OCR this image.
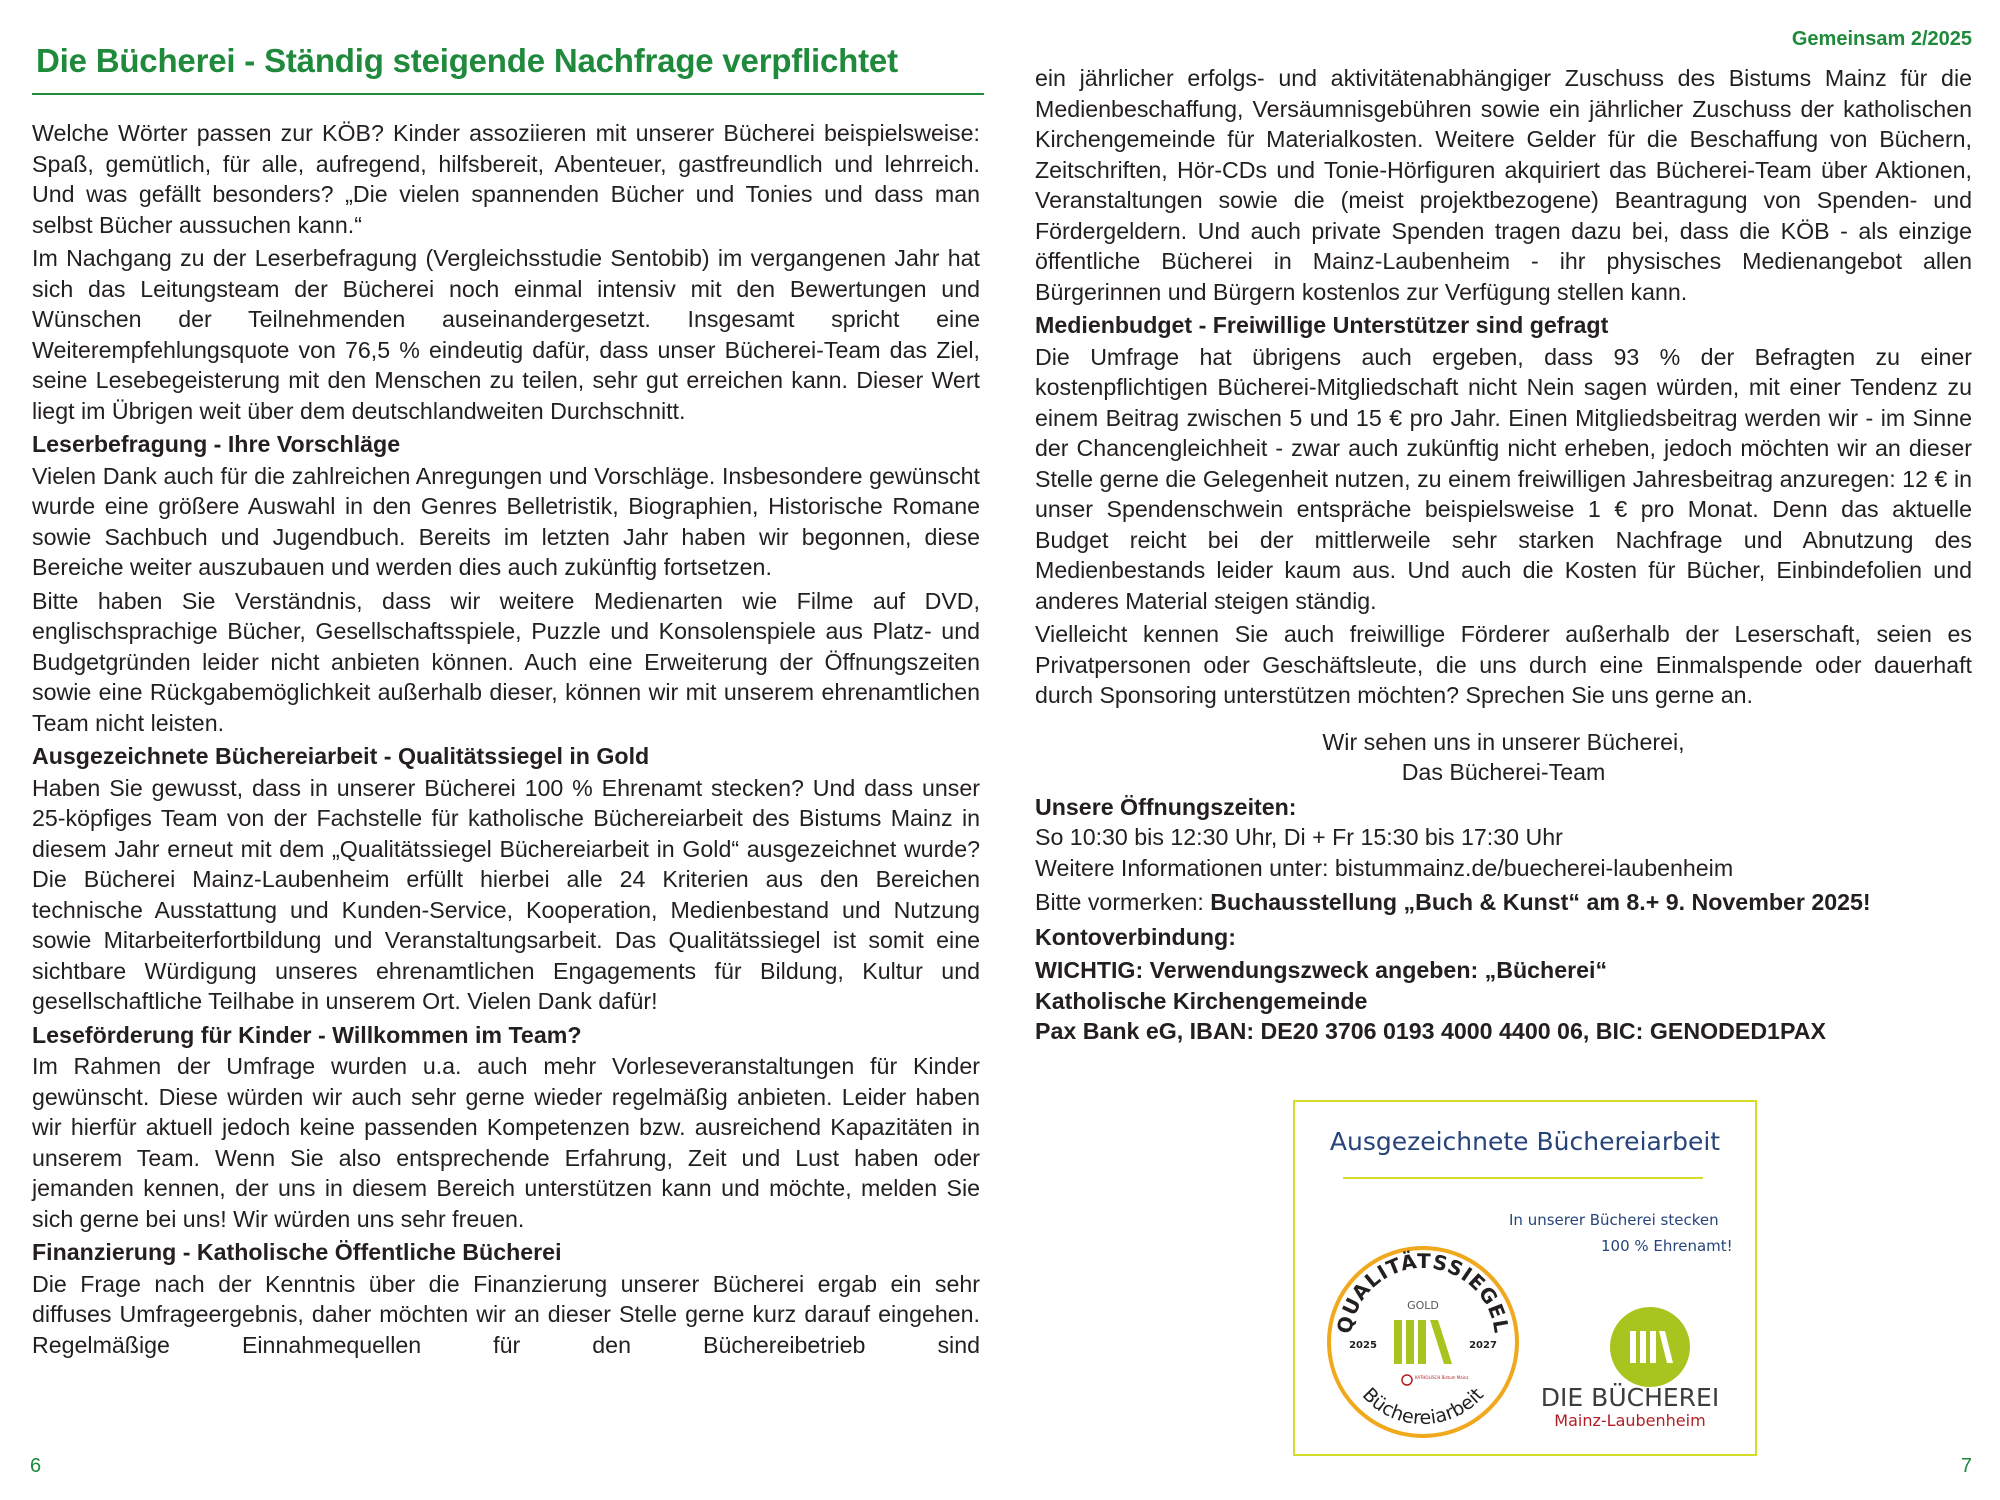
Gemeinsam 2/2025
Die Bücherei - Ständig steigende Nachfrage verpflichtet

Welche Wörter passen zur KÖB? Kinder assoziieren mit unserer Bücherei beispielsweise: Spaß, gemütlich, für alle, aufregend, hilfsbereit, Abenteuer, gastfreundlich und lehrreich. Und was gefällt besonders? „Die vielen spannenden Bücher und Tonies und dass man selbst Bücher aussuchen kann.“

Im Nachgang zu der Leserbefragung (Vergleichsstudie Sentobib) im vergangenen Jahr hat sich das Leitungsteam der Bücherei noch einmal intensiv mit den Bewertungen und Wünschen der Teilnehmenden auseinandergesetzt. Insgesamt spricht eine Weiterempfehlungsquote von 76,5 % eindeutig dafür, dass unser Bücherei-Team das Ziel, seine Lesebegeisterung mit den Menschen zu teilen, sehr gut erreichen kann. Dieser Wert liegt im Übrigen weit über dem deutschlandweiten Durchschnitt.

Leserbefragung - Ihre Vorschläge

Vielen Dank auch für die zahlreichen Anregungen und Vorschläge. Insbesondere gewünscht wurde eine größere Auswahl in den Genres Belletristik, Biographien, Historische Romane sowie Sachbuch und Jugendbuch. Bereits im letzten Jahr haben wir begonnen, diese Bereiche weiter auszubauen und werden dies auch zukünftig fortsetzen.

Bitte haben Sie Verständnis, dass wir weitere Medienarten wie Filme auf DVD, englischsprachige Bücher, Gesellschaftsspiele, Puzzle und Konsolenspiele aus Platz- und Budgetgründen leider nicht anbieten können. Auch eine Erweiterung der Öffnungszeiten sowie eine Rückgabemöglichkeit außerhalb dieser, können wir mit unserem ehrenamtlichen Team nicht leisten.

Ausgezeichnete Büchereiarbeit - Qualitätssiegel in Gold

Haben Sie gewusst, dass in unserer Bücherei 100 % Ehrenamt stecken? Und dass unser 25-köpfiges Team von der Fachstelle für katholische Büchereiarbeit des Bistums Mainz in diesem Jahr erneut mit dem „Qualitätssiegel Büchereiarbeit in Gold“ ausgezeichnet wurde? Die Bücherei Mainz-Laubenheim erfüllt hierbei alle 24 Kriterien aus den Bereichen technische Ausstattung und Kunden-Service, Kooperation, Medienbestand und Nutzung sowie Mitarbeiterfortbildung und Veranstaltungsarbeit. Das Qualitätssiegel ist somit eine sichtbare Würdigung unseres ehrenamtlichen Engagements für Bildung, Kultur und gesellschaftliche Teilhabe in unserem Ort. Vielen Dank dafür!

Leseförderung für Kinder - Willkommen im Team?

Im Rahmen der Umfrage wurden u.a. auch mehr Vorleseveranstaltungen für Kinder gewünscht. Diese würden wir auch sehr gerne wieder regelmäßig anbieten. Leider haben wir hierfür aktuell jedoch keine passenden Kompetenzen bzw. ausreichend Kapazitäten in unserem Team. Wenn Sie also entsprechende Erfahrung, Zeit und Lust haben oder jemanden kennen, der uns in diesem Bereich unterstützen kann und möchte, melden Sie sich gerne bei uns! Wir würden uns sehr freuen.

Finanzierung - Katholische Öffentliche Bücherei

Die Frage nach der Kenntnis über die Finanzierung unserer Bücherei ergab ein sehr diffuses Umfrageergebnis, daher möchten wir an dieser Stelle gerne kurz darauf eingehen. Regelmäßige Einnahmequellen für den Büchereibetrieb sind

ein jährlicher erfolgs- und aktivitätenabhängiger Zuschuss des Bistums Mainz für die Medienbeschaffung, Versäumnisgebühren sowie ein jährlicher Zuschuss der katholischen Kirchengemeinde für Materialkosten. Weitere Gelder für die Beschaffung von Büchern, Zeitschriften, Hör-CDs und Tonie-Hörfiguren akquiriert das Bücherei-Team über Aktionen, Veranstaltungen sowie die (meist projektbezogene) Beantragung von Spenden- und Fördergeldern. Und auch private Spenden tragen dazu bei, dass die KÖB - als einzige öffentliche Bücherei in Mainz-Laubenheim - ihr physisches Medienangebot allen Bürgerinnen und Bürgern kostenlos zur Verfügung stellen kann.

Medienbudget - Freiwillige Unterstützer sind gefragt

Die Umfrage hat übrigens auch ergeben, dass 93 % der Befragten zu einer kostenpflichtigen Bücherei-Mitgliedschaft nicht Nein sagen würden, mit einer Tendenz zu einem Beitrag zwischen 5 und 15 € pro Jahr. Einen Mitgliedsbeitrag werden wir - im Sinne der Chancengleichheit - zwar auch zukünftig nicht erheben, jedoch möchten wir an dieser Stelle gerne die Gelegenheit nutzen, zu einem freiwilligen Jahresbeitrag anzuregen: 12 € in unser Spendenschwein entspräche beispielsweise 1 € pro Monat. Denn das aktuelle Budget reicht bei der mittlerweile sehr starken Nachfrage und Abnutzung des Medienbestands leider kaum aus. Und auch die Kosten für Bücher, Einbindefolien und anderes Material steigen ständig.

Vielleicht kennen Sie auch freiwillige Förderer außerhalb der Leserschaft, seien es Privatpersonen oder Geschäftsleute, die uns durch eine Einmalspende oder dauerhaft durch Sponsoring unterstützen möchten? Sprechen Sie uns gerne an.

Wir sehen uns in unserer Bücherei,
Das Bücherei-Team

Unsere Öffnungszeiten:

So 10:30 bis 12:30 Uhr, Di + Fr 15:30 bis 17:30 Uhr

Weitere Informationen unter: bistummainz.de/buecherei-laubenheim

Bitte vormerken: Buchausstellung „Buch & Kunst“ am 8.+ 9. November 2025!

Kontoverbindung:

WICHTIG: Verwendungszweck angeben: „Bücherei“

Katholische Kirchengemeinde

Pax Bank eG, IBAN: DE20 3706 0193 4000 4400 06, BIC: GENODED1PAX

Ausgezeichnete Büchereiarbeit
In unserer Bücherei stecken
100 % Ehrenamt!
QUALITÄTSSIEGEL
GOLD
2025	2027
KATHOLISCH Bistum Mainz
Büchereiarbeit DIE BÜCHEREI
Mainz-Laubenheim
6	7
